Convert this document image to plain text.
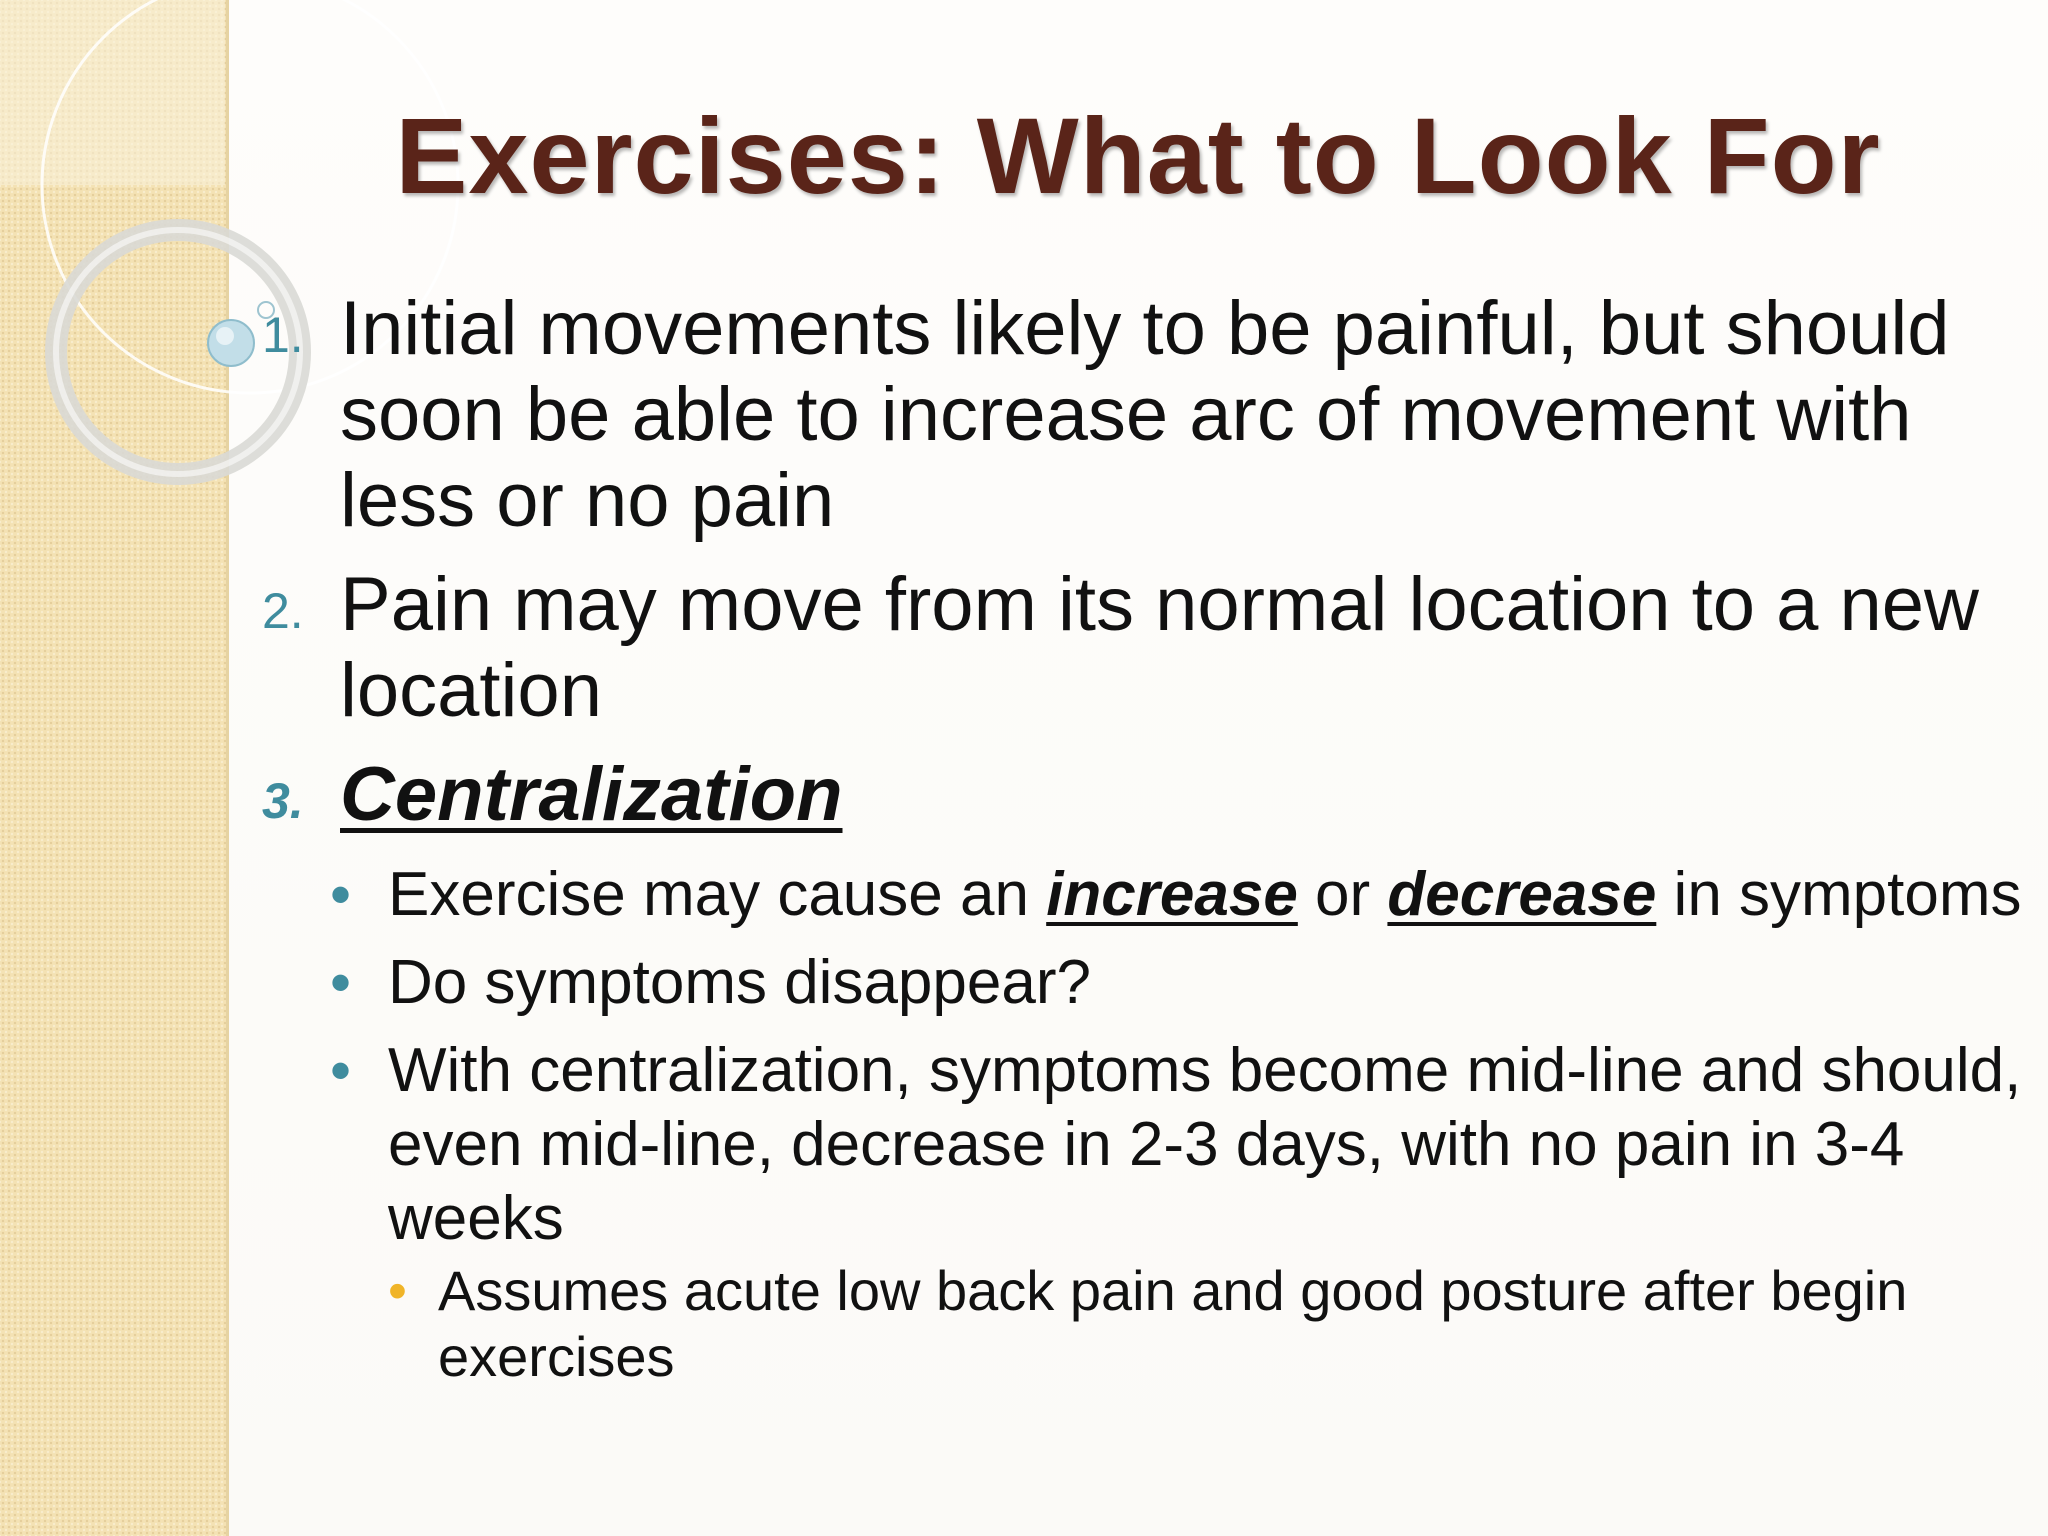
Exercises: What to Look For
1. Initial movements likely to be painful, but should soon be able to increase arc of movement with less or no pain
2. Pain may move from its normal location to a new location
3. Centralization
• Exercise may cause an increase or decrease in symptoms
• Do symptoms disappear?
• With centralization, symptoms become mid-line and should, even mid-line, decrease in 2-3 days, with no pain in 3-4 weeks
• Assumes acute low back pain and good posture after begin exercises
